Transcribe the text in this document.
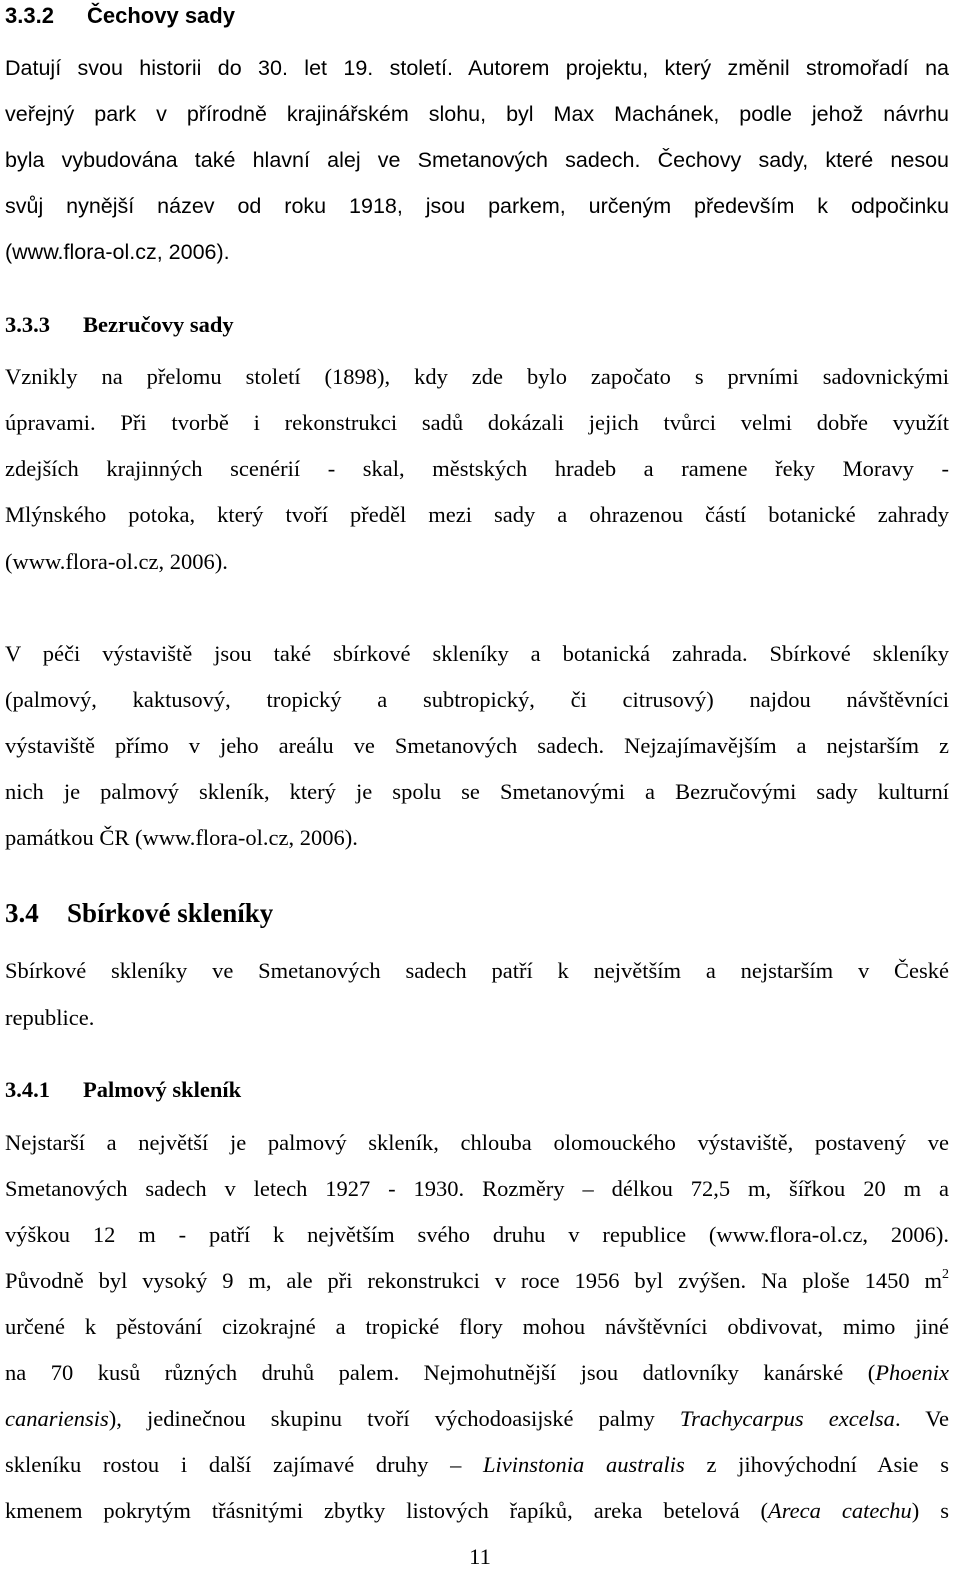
3.3.2 Čechovy sady
Datují svou historii do 30. let 19. století. Autorem projektu, který změnil stromořadí na
veřejný park v přírodně krajinářském slohu, byl Max Machánek, podle jehož návrhu
byla vybudována také hlavní alej ve Smetanových sadech. Čechovy sady, které nesou
svůj nynější název od roku 1918, jsou parkem, určeným především k odpočinku
(www.flora-ol.cz, 2006).
3.3.3 Bezručovy sady
Vznikly na přelomu století (1898), kdy zde bylo započato s prvními sadovnickými
úpravami. Při tvorbě i rekonstrukci sadů dokázali jejich tvůrci velmi dobře využít
zdejších krajinných scenérií - skal, městských hradeb a ramene řeky Moravy -
Mlýnského potoka, který tvoří předěl mezi sady a ohrazenou částí botanické zahrady
(www.flora-ol.cz, 2006).
V péči výstaviště jsou také sbírkové skleníky a botanická zahrada. Sbírkové skleníky
(palmový, kaktusový, tropický a subtropický, či citrusový) najdou návštěvníci
výstaviště přímo v jeho areálu ve Smetanových sadech. Nejzajímavějším a nejstarším z
nich je palmový skleník, který je spolu se Smetanovými a Bezručovými sady kulturní
památkou ČR (www.flora-ol.cz, 2006).
3.4 Sbírkové skleníky
Sbírkové skleníky ve Smetanových sadech patří k největším a nejstarším v České
republice.
3.4.1 Palmový skleník
Nejstarší a největší je palmový skleník, chlouba olomouckého výstaviště, postavený ve
Smetanových sadech v letech 1927 - 1930. Rozměry – délkou 72,5 m, šířkou 20 m a
výškou 12 m - patří k největším svého druhu v republice (www.flora-ol.cz, 2006).
Původně byl vysoký 9 m, ale při rekonstrukci v roce 1956 byl zvýšen. Na ploše 1450 $m^2$
určené k pěstování cizokrajné a tropické flory mohou návštěvníci obdivovat, mimo jiné
na 70 kusů různých druhů palem. Nejmohutnější jsou datlovníky kanárské (Phoenix
canariensis), jedinečnou skupinu tvoří východoasijské palmy Trachycarpus excelsa. Ve
skleníku rostou i další zajímavé druhy – Livinstonia australis z jihovýchodní Asie s
kmenem pokrytým třásnitými zbytky listových řapíků, areka betelová (Areca catechu) s
11
